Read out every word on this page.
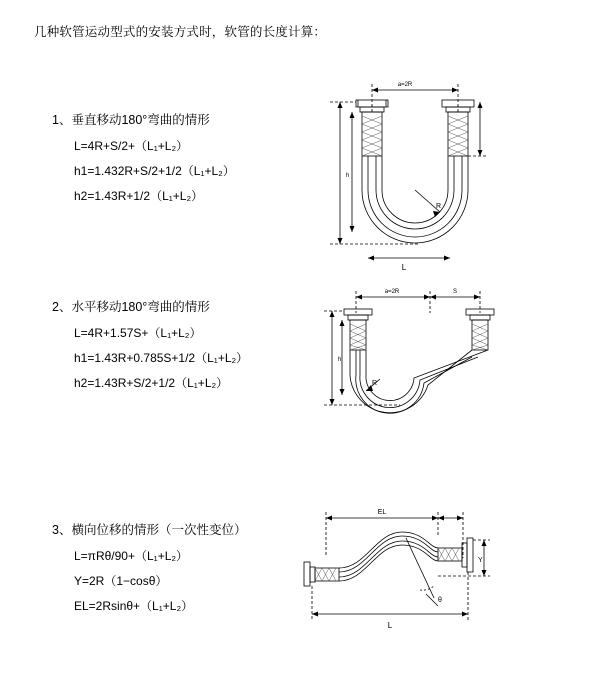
几种软管运动型式的安装方式时，软管的长度计算：
1、垂直移动180°弯曲的情形
L=4R+S/2+（L₁+L₂）
h1=1.432R+S/2+1/2（L₁+L₂）
h2=1.43R+1/2（L₁+L₂）
a=2R
R
L
h
2、水平移动180°弯曲的情形
L=4R+1.57S+（L₁+L₂）
h1=1.43R+0.785S+1/2（L₁+L₂）
h2=1.43R+S/2+1/2（L₁+L₂）
a=2R	S
R
h
3、横向位移的情形（一次性变位）
L=πRθ/90+（L₁+L₂）
Y=2R（1−cosθ）
EL=2Rsinθ+（L₁+L₂）
EL
L
Y
θ
